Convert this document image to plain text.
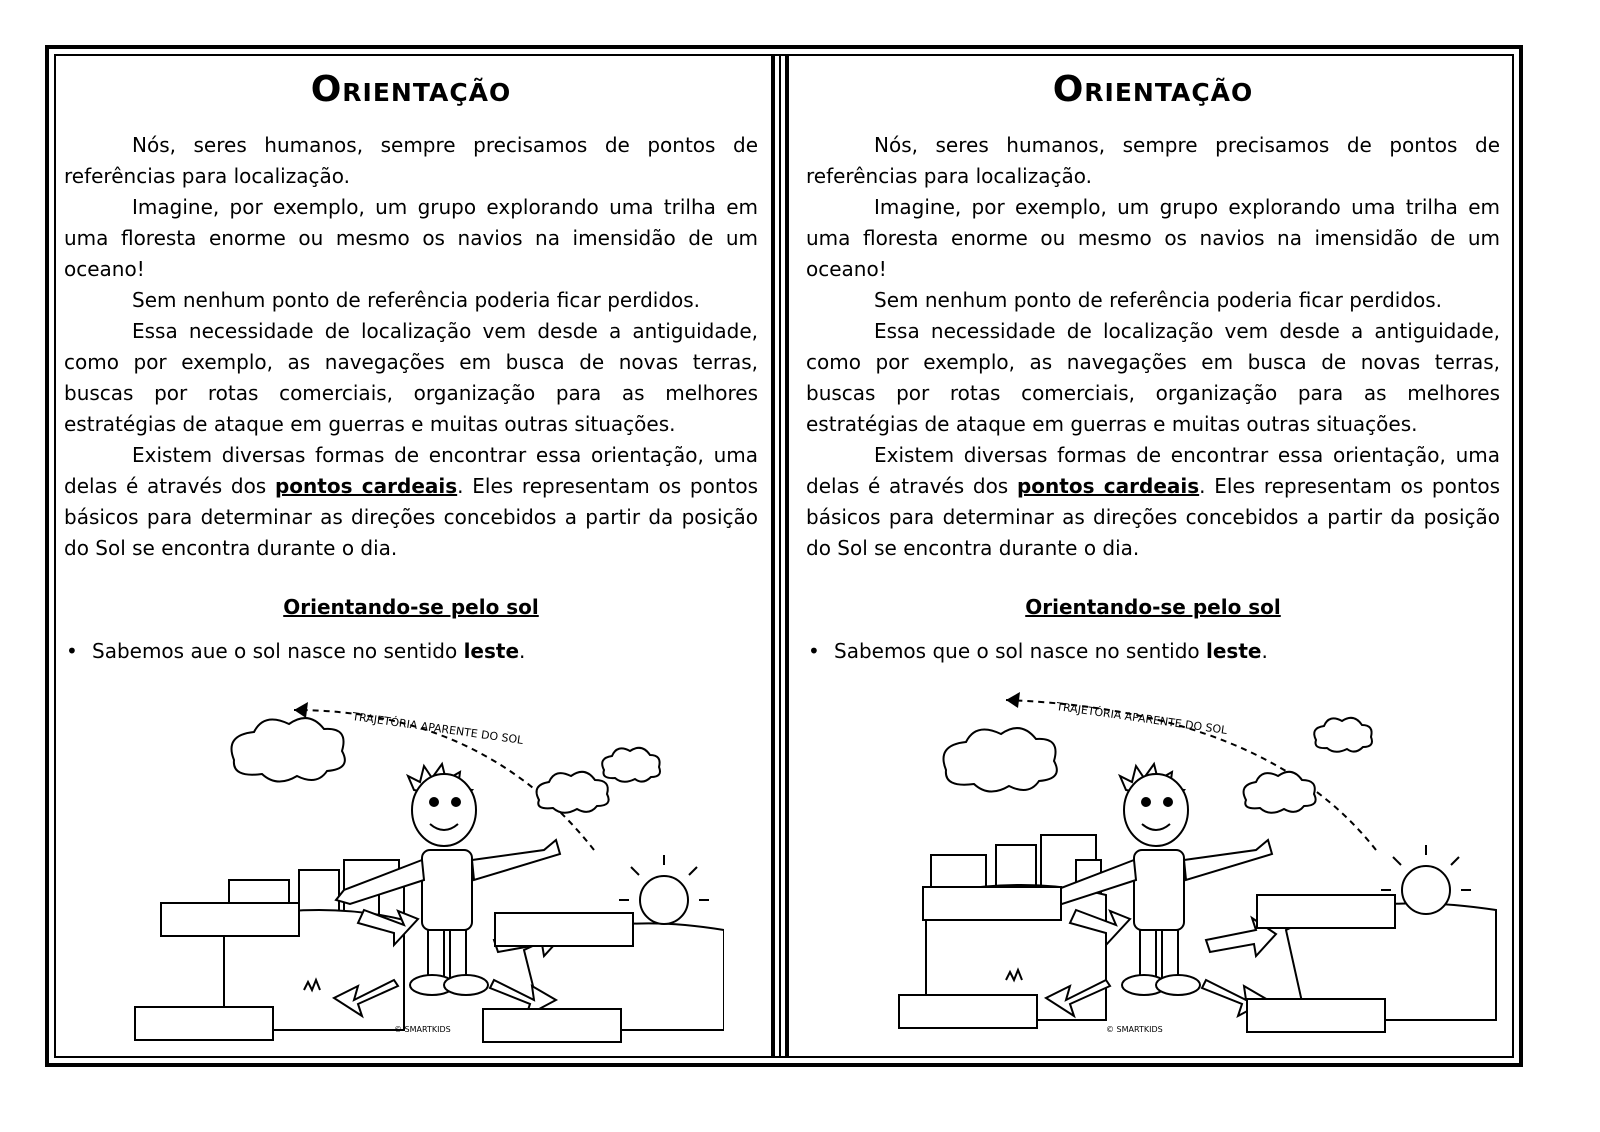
Orientação

Nós, seres humanos, sempre precisamos de pontos de referências para localização.

Imagine, por exemplo, um grupo explorando uma trilha em uma floresta enorme ou mesmo os navios na imensidão de um oceano!

Sem nenhum ponto de referência poderia ficar perdidos.

Essa necessidade de localização vem desde a antiguidade, como por exemplo, as navegações em busca de novas terras, buscas por rotas comerciais, organização para as melhores estratégias de ataque em guerras e muitas outras situações.

Existem diversas formas de encontrar essa orientação, uma delas é através dos pontos cardeais. Eles representam os pontos básicos para determinar as direções concebidos a partir da posição do Sol se encontra durante o dia.

Orientando-se pelo sol
• Sabemos aue o sol nasce no sentido leste.
TRAJETÓRIA APARENTE DO SOL
© SMARTKIDS
Orientação

Nós, seres humanos, sempre precisamos de pontos de referências para localização.

Imagine, por exemplo, um grupo explorando uma trilha em uma floresta enorme ou mesmo os navios na imensidão de um oceano!

Sem nenhum ponto de referência poderia ficar perdidos.

Essa necessidade de localização vem desde a antiguidade, como por exemplo, as navegações em busca de novas terras, buscas por rotas comerciais, organização para as melhores estratégias de ataque em guerras e muitas outras situações.

Existem diversas formas de encontrar essa orientação, uma delas é através dos pontos cardeais. Eles representam os pontos básicos para determinar as direções concebidos a partir da posição do Sol se encontra durante o dia.

Orientando-se pelo sol
• Sabemos que o sol nasce no sentido leste.
TRAJETÓRIA APARENTE DO SOL
© SMARTKIDS
